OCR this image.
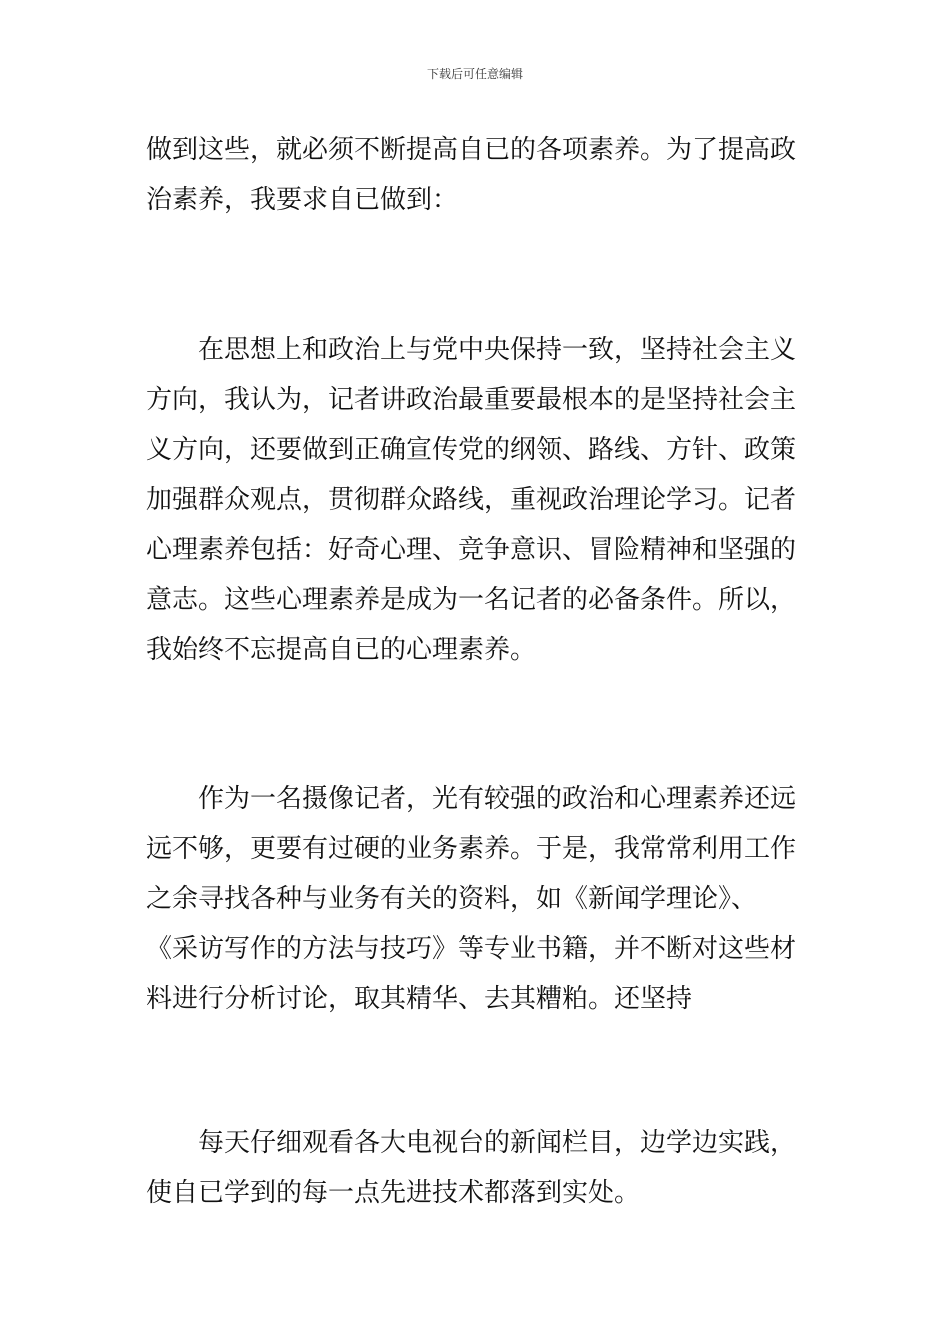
下载后可任意编辑
做到这些，就必须不断提高自已的各项素养。为了提高政
治素养，我要求自已做到：
在思想上和政治上与党中央保持一致，坚持社会主义
方向，我认为，记者讲政治最重要最根本的是坚持社会主
义方向，还要做到正确宣传党的纲领、路线、方针、政策
加强群众观点，贯彻群众路线，重视政治理论学习。记者
心理素养包括：好奇心理、竞争意识、冒险精神和坚强的
意志。这些心理素养是成为一名记者的必备条件。所以，
我始终不忘提高自已的心理素养。
作为一名摄像记者，光有较强的政治和心理素养还远
远不够，更要有过硬的业务素养。于是，我常常利用工作
之余寻找各种与业务有关的资料，如《新闻学理论》、
《采访写作的方法与技巧》等专业书籍，并不断对这些材
料进行分析讨论，取其精华、去其糟粕。还坚持
每天仔细观看各大电视台的新闻栏目，边学边实践，
使自已学到的每一点先进技术都落到实处。
